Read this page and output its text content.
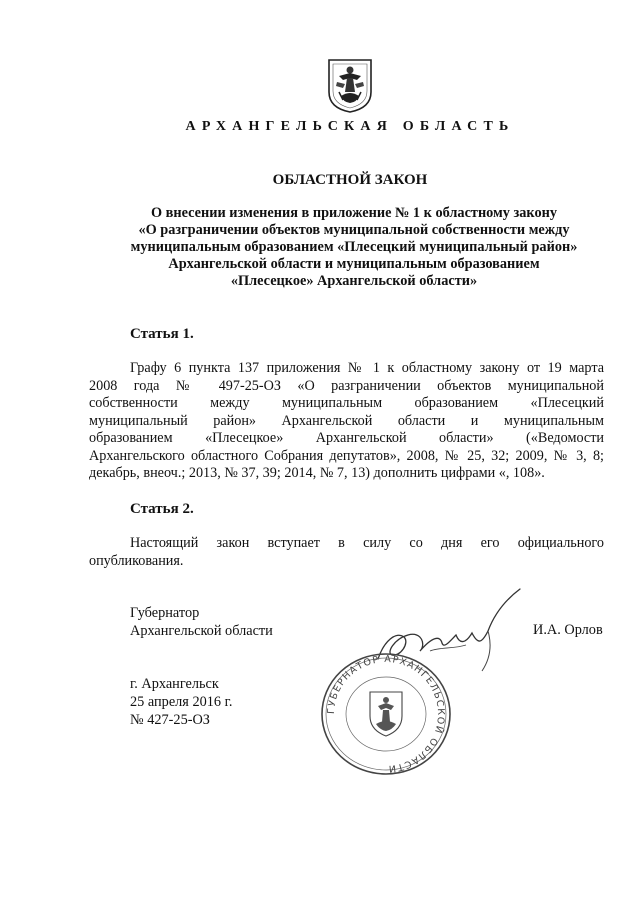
АРХАНГЕЛЬСКАЯ ОБЛАСТЬ
ОБЛАСТНОЙ ЗАКОН
О внесении изменения в приложение № 1 к областному закону
«О разграничении объектов муниципальной собственности между
муниципальным образованием «Плесецкий муниципальный район»
Архангельской области и муниципальным образованием
«Плесецкое» Архангельской области»
Статья 1.
Графу 6 пункта 137 приложения № 1 к областному закону от 19 марта
2008 года № 497-25-ОЗ «О разграничении объектов муниципальной
собственности между муниципальным образованием «Плесецкий
муниципальный район» Архангельской области и муниципальным
образованием «Плесецкое» Архангельской области» («Ведомости
Архангельского областного Собрания депутатов», 2008, № 25, 32; 2009, № 3, 8;
декабрь, внеоч.; 2013, № 37, 39; 2014, № 7, 13) дополнить цифрами «, 108».
Статья 2.
Настоящий закон вступает в силу со дня его официального
опубликования.
Губернатор
Архангельской области	И.А. Орлов
г. Архангельск
25 апреля 2016 г.
№ 427-25-ОЗ
ГУБЕРНАТОР АРХАНГЕЛЬСКОЙ ОБЛАСТИ
